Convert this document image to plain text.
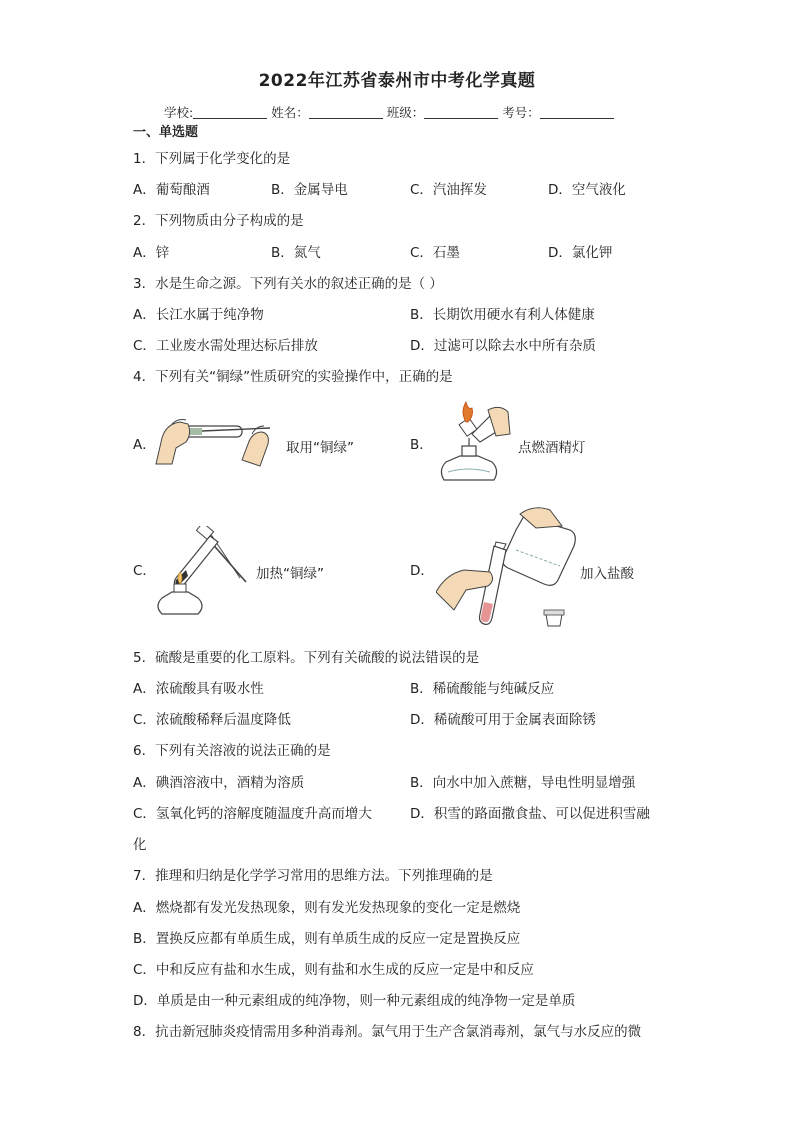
2022年江苏省泰州市中考化学真题
学校:	姓名：	班级：	考号：
一、单选题
1．下列属于化学变化的是
A．葡萄酿酒	B．金属导电	C．汽油挥发	D．空气液化
2．下列物质由分子构成的是
A．锌	B．氮气	C．石墨	D．氯化钾
3．水是生命之源。下列有关水的叙述正确的是（ ）
A．长江水属于纯净物	B．长期饮用硬水有利人体健康
C．工业废水需处理达标后排放	D．过滤可以除去水中所有杂质
4．下列有关“铜绿”性质研究的实验操作中，正确的是
A．	取用“铜绿”	B．	点燃酒精灯
C．	加热“铜绿”	D．	加入盐酸
5．硫酸是重要的化工原料。下列有关硫酸的说法错误的是
A．浓硫酸具有吸水性	B．稀硫酸能与纯碱反应
C．浓硫酸稀释后温度降低	D．稀硫酸可用于金属表面除锈
6．下列有关溶液的说法正确的是
A．碘酒溶液中，酒精为溶质	B．向水中加入蔗糖，导电性明显增强
C．氢氧化钙的溶解度随温度升高而增大	D．积雪的路面撒食盐、可以促进积雪融
化
7．推理和归纳是化学学习常用的思维方法。下列推理确的是
A．燃烧都有发光发热现象，则有发光发热现象的变化一定是燃烧
B．置换反应都有单质生成，则有单质生成的反应一定是置换反应
C．中和反应有盐和水生成，则有盐和水生成的反应一定是中和反应
D．单质是由一种元素组成的纯净物，则一种元素组成的纯净物一定是单质
8．抗击新冠肺炎疫情需用多种消毒剂。氯气用于生产含氯消毒剂，氯气与水反应的微
